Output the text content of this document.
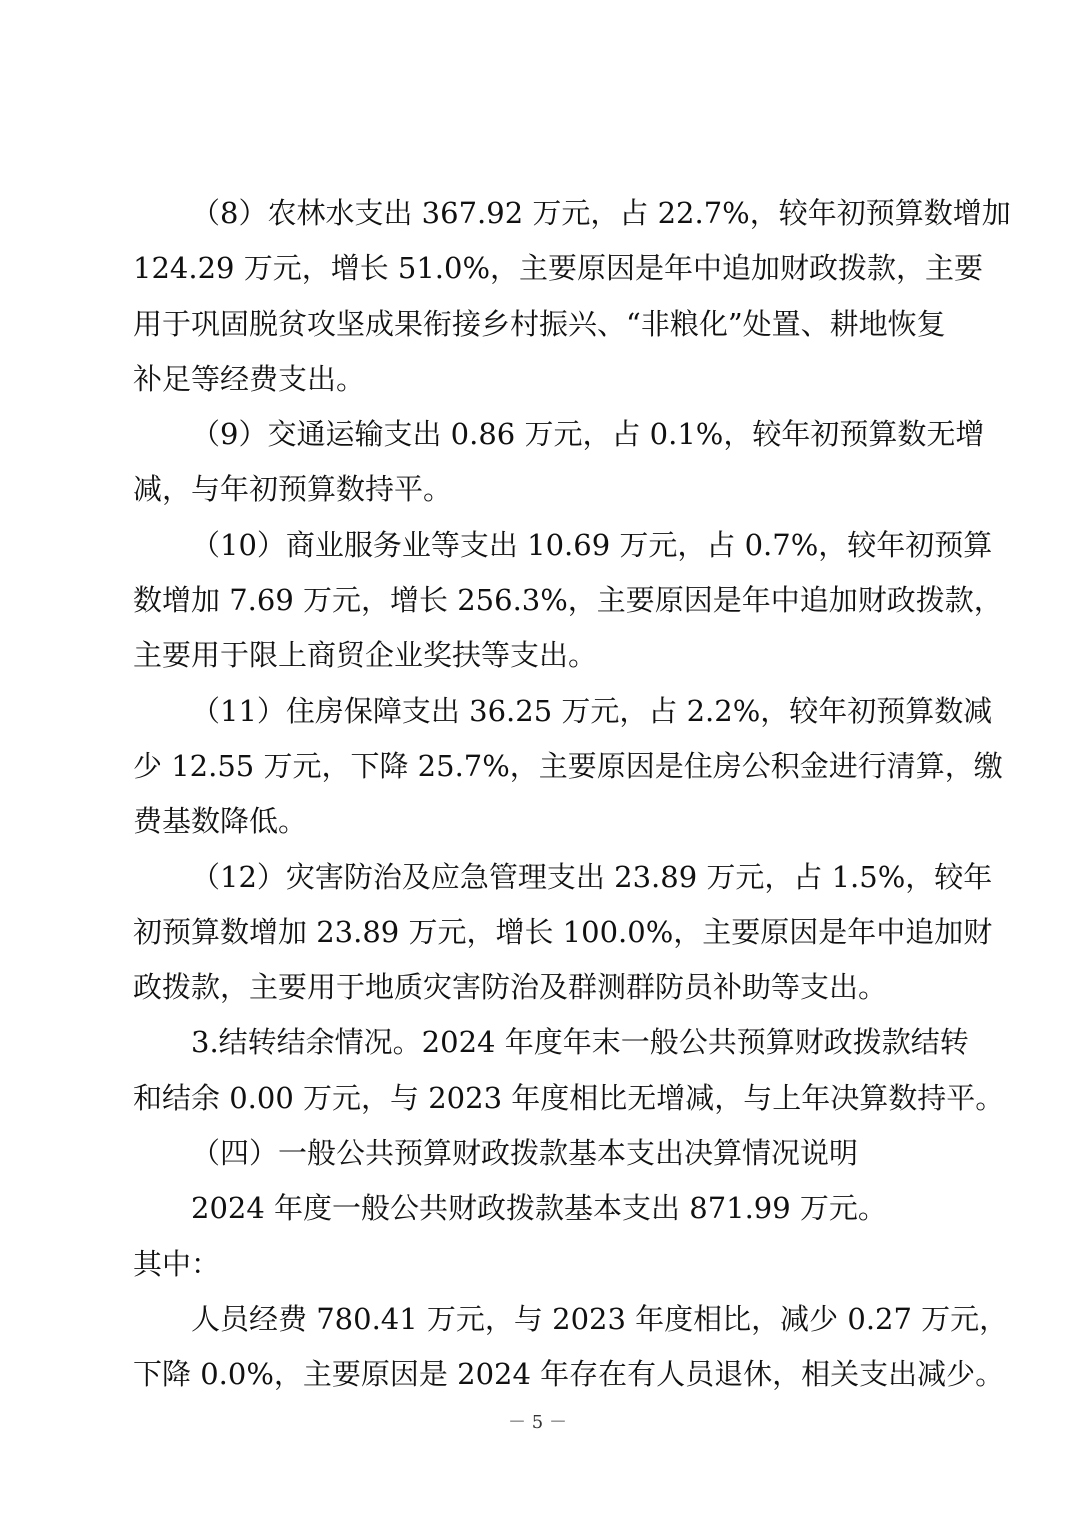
（8）农林水支出 367.92 万元，占 22.7%，较年初预算数增加
124.29 万元，增长 51.0%，主要原因是年中追加财政拨款，主要
用于巩固脱贫攻坚成果衔接乡村振兴、“非粮化”处置、耕地恢复
补足等经费支出。
（9）交通运输支出 0.86 万元，占 0.1%，较年初预算数无增
减，与年初预算数持平。
（10）商业服务业等支出 10.69 万元，占 0.7%，较年初预算
数增加 7.69 万元，增长 256.3%，主要原因是年中追加财政拨款，
主要用于限上商贸企业奖扶等支出。
（11）住房保障支出 36.25 万元，占 2.2%，较年初预算数减
少 12.55 万元，下降 25.7%，主要原因是住房公积金进行清算，缴
费基数降低。
（12）灾害防治及应急管理支出 23.89 万元，占 1.5%，较年
初预算数增加 23.89 万元，增长 100.0%，主要原因是年中追加财
政拨款，主要用于地质灾害防治及群测群防员补助等支出。
3.结转结余情况。2024 年度年末一般公共预算财政拨款结转
和结余 0.00 万元，与 2023 年度相比无增减，与上年决算数持平。
（四）一般公共预算财政拨款基本支出决算情况说明
2024 年度一般公共财政拨款基本支出 871.99 万元。
其中：
人员经费 780.41 万元，与 2023 年度相比，减少 0.27 万元，
下降 0.0%，主要原因是 2024 年存在有人员退休，相关支出减少。
－ 5 －
